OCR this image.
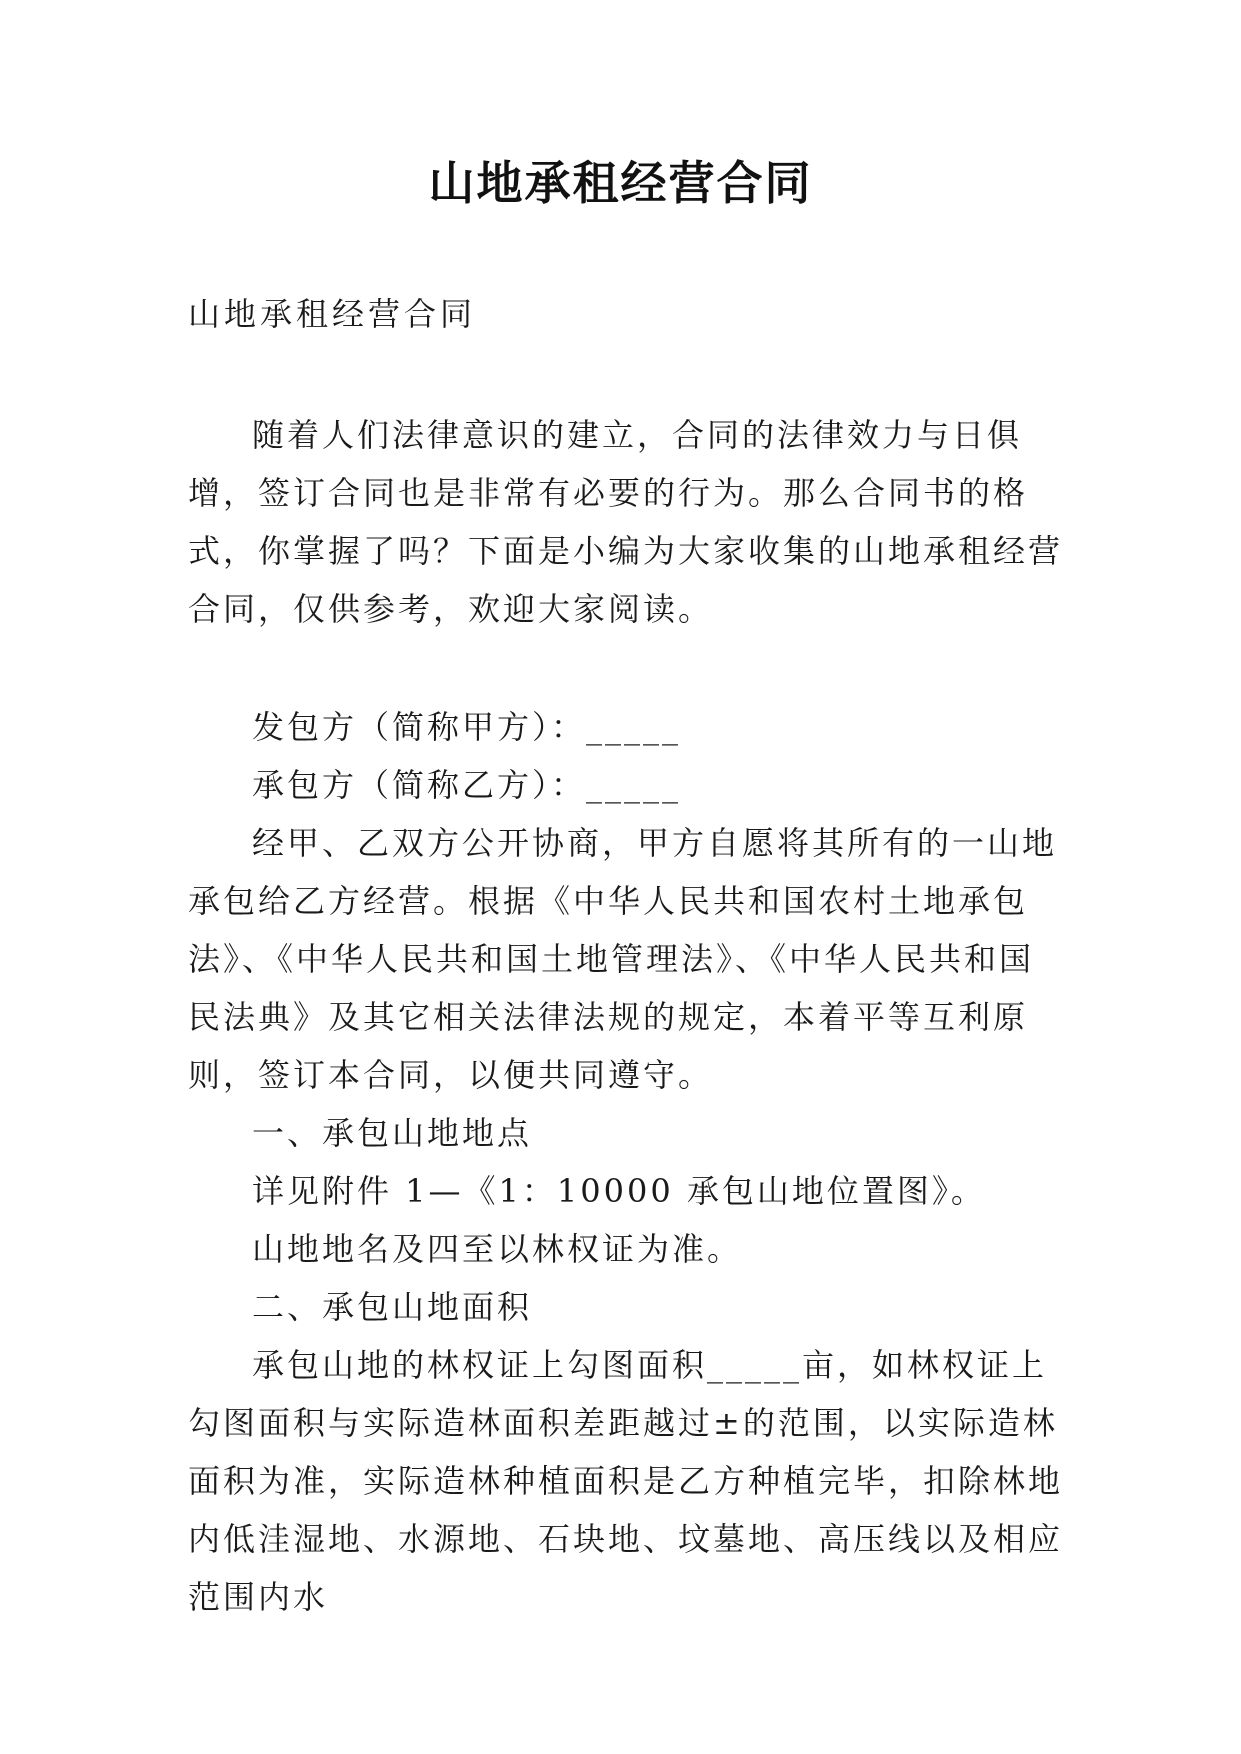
山地承租经营合同
山地承租经营合同

随着人们法律意识的建立，合同的法律效力与日俱增，签订合同也是非常有必要的行为。那么合同书的格式，你掌握了吗？下面是小编为大家收集的山地承租经营合同，仅供参考，欢迎大家阅读。

发包方（简称甲方）：_____

承包方（简称乙方）：_____

经甲、乙双方公开协商，甲方自愿将其所有的一山地承包给乙方经营。根据《中华人民共和国农村土地承包法》、《中华人民共和国土地管理法》、《中华人民共和国民法典》及其它相关法律法规的规定，本着平等互利原则，签订本合同，以便共同遵守。

一、承包山地地点

详见附件 1—《1：10000 承包山地位置图》。

山地地名及四至以林权证为准。

二、承包山地面积

承包山地的林权证上勾图面积_____亩，如林权证上勾图面积与实际造林面积差距越过±的范围，以实际造林面积为准，实际造林种植面积是乙方种植完毕，扣除林地内低洼湿地、水源地、石块地、坟墓地、高压线以及相应范围内水
